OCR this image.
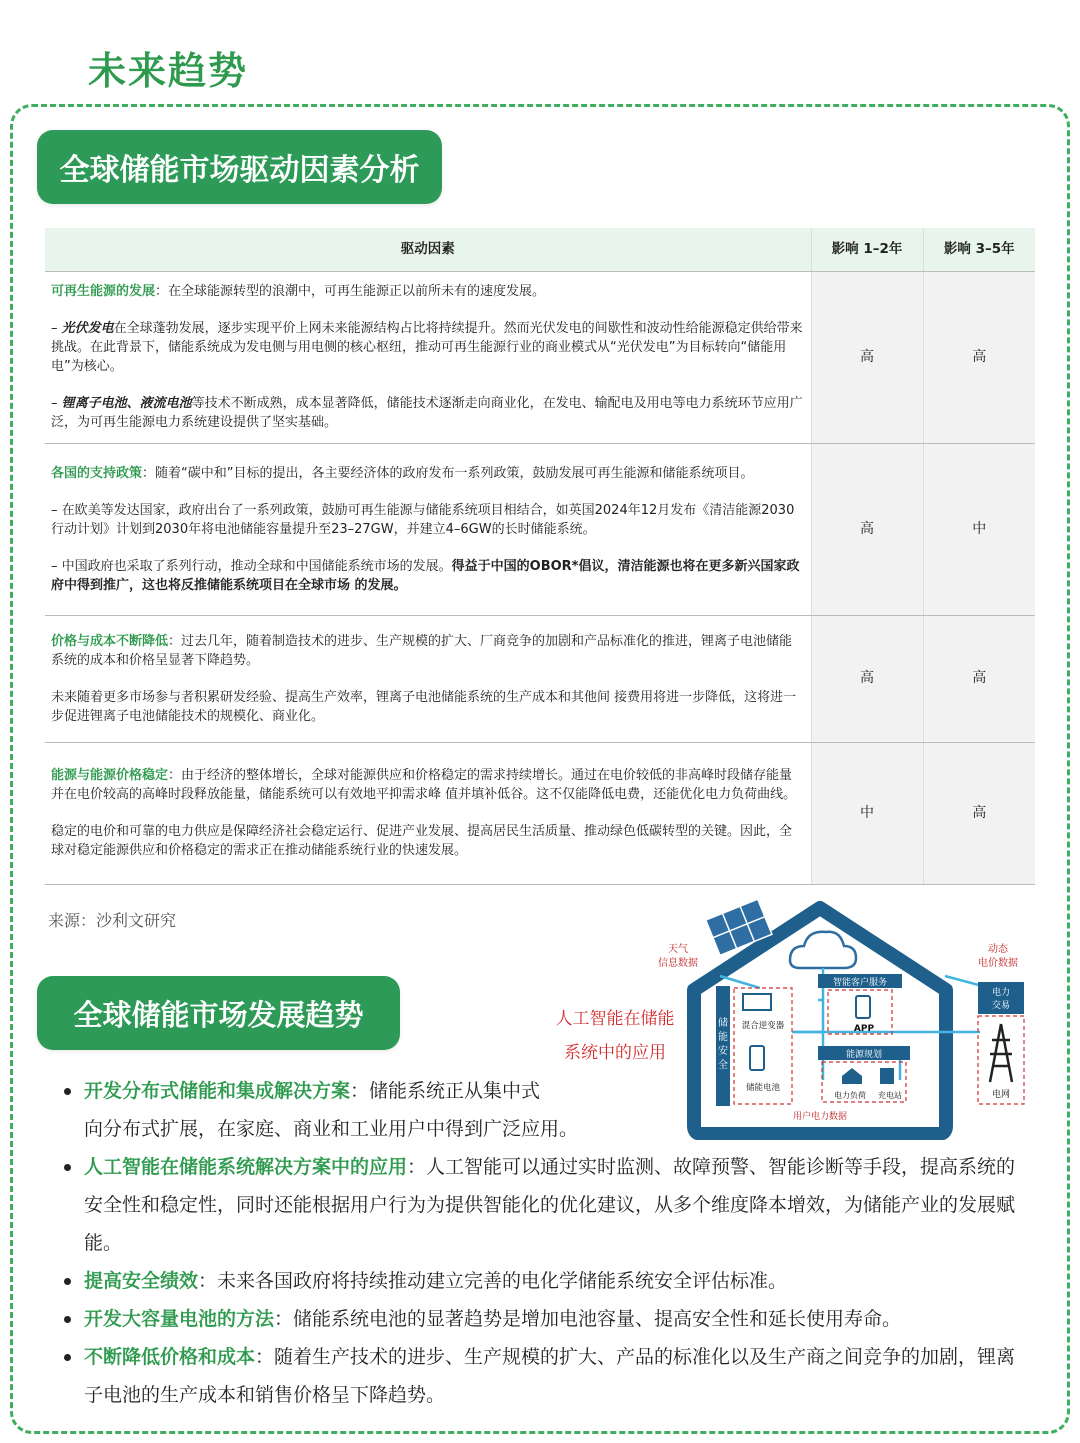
未来趋势
全球储能市场驱动因素分析
驱动因素	影响 1–2年	影响 3–5年

可再生能源的发展：在全球能源转型的浪潮中，可再生能源正以前所未有的速度发展。

– 光伏发电在全球蓬勃发展，逐步实现平价上网未来能源结构占比将持续提升。然而光伏发电的间歇性和波动性给能源稳定供给带来挑战。在此背景下，储能系统成为发电侧与用电侧的核心枢纽，推动可再生能源行业的商业模式从“光伏发电”为目标转向“储能用电”为核心。

– 锂离子电池、液流电池等技术不断成熟，成本显著降低，储能技术逐渐走向商业化，在发电、输配电及用电等电力系统环节应用广泛，为可再生能源电力系统建设提供了坚实基础。	高	高

各国的支持政策：随着“碳中和”目标的提出，各主要经济体的政府发布一系列政策，鼓励发展可再生能源和储能系统项目。

– 在欧美等发达国家，政府出台了一系列政策，鼓励可再生能源与储能系统项目相结合，如英国2024年12月发布《清洁能源2030行动计划》计划到2030年将电池储能容量提升至23–27GW，并建立4–6GW的长时储能系统。

– 中国政府也采取了系列行动，推动全球和中国储能系统市场的发展。得益于中国的OBOR*倡议，清洁能源也将在更多新兴国家政府中得到推广，这也将反推储能系统项目在全球市场 的发展。	高	中

价格与成本不断降低：过去几年，随着制造技术的进步、生产规模的扩大、厂商竞争的加剧和产品标准化的推进，锂离子电池储能系统的成本和价格呈显著下降趋势。

未来随着更多市场参与者积累研发经验、提高生产效率，锂离子电池储能系统的生产成本和其他间 接费用将进一步降低，这将进一步促进锂离子电池储能技术的规模化、商业化。	高	高

能源与能源价格稳定：由于经济的整体增长，全球对能源供应和价格稳定的需求持续增长。通过在电价较低的非高峰时段储存能量并在电价较高的高峰时段释放能量，储能系统可以有效地平抑需求峰 值并填补低谷。这不仅能降低电费，还能优化电力负荷曲线。

稳定的电价和可靠的电力供应是保障经济社会稳定运行、促进产业发展、提高居民生活质量、推动绿色低碳转型的关键。因此，全球对稳定能源供应和价格稳定的需求正在推动储能系统行业的快速发展。	中	高
来源：沙利文研究
全球储能市场发展趋势	人工智能在储能
系统中的应用
天气
信息数据
动态
电价数据
储
能
安
全
混合逆变器
储能电池
智能客户服务
APP
能源规划
电力负荷 充电站
用户电力数据
电力
交易
电网
开发分布式储能和集成解决方案：储能系统正从集中式
向分布式扩展，在家庭、商业和工业用户中得到广泛应用。
人工智能在储能系统解决方案中的应用：人工智能可以通过实时监测、故障预警、智能诊断等手段，提高系统的安全性和稳定性，同时还能根据用户行为为提供智能化的优化建议，从多个维度降本增效，为储能产业的发展赋能。
提高安全绩效：未来各国政府将持续推动建立完善的电化学储能系统安全评估标准。
开发大容量电池的方法：储能系统电池的显著趋势是增加电池容量、提高安全性和延长使用寿命。
不断降低价格和成本：随着生产技术的进步、生产规模的扩大、产品的标准化以及生产商之间竞争的加剧，锂离子电池的生产成本和销售价格呈下降趋势。
